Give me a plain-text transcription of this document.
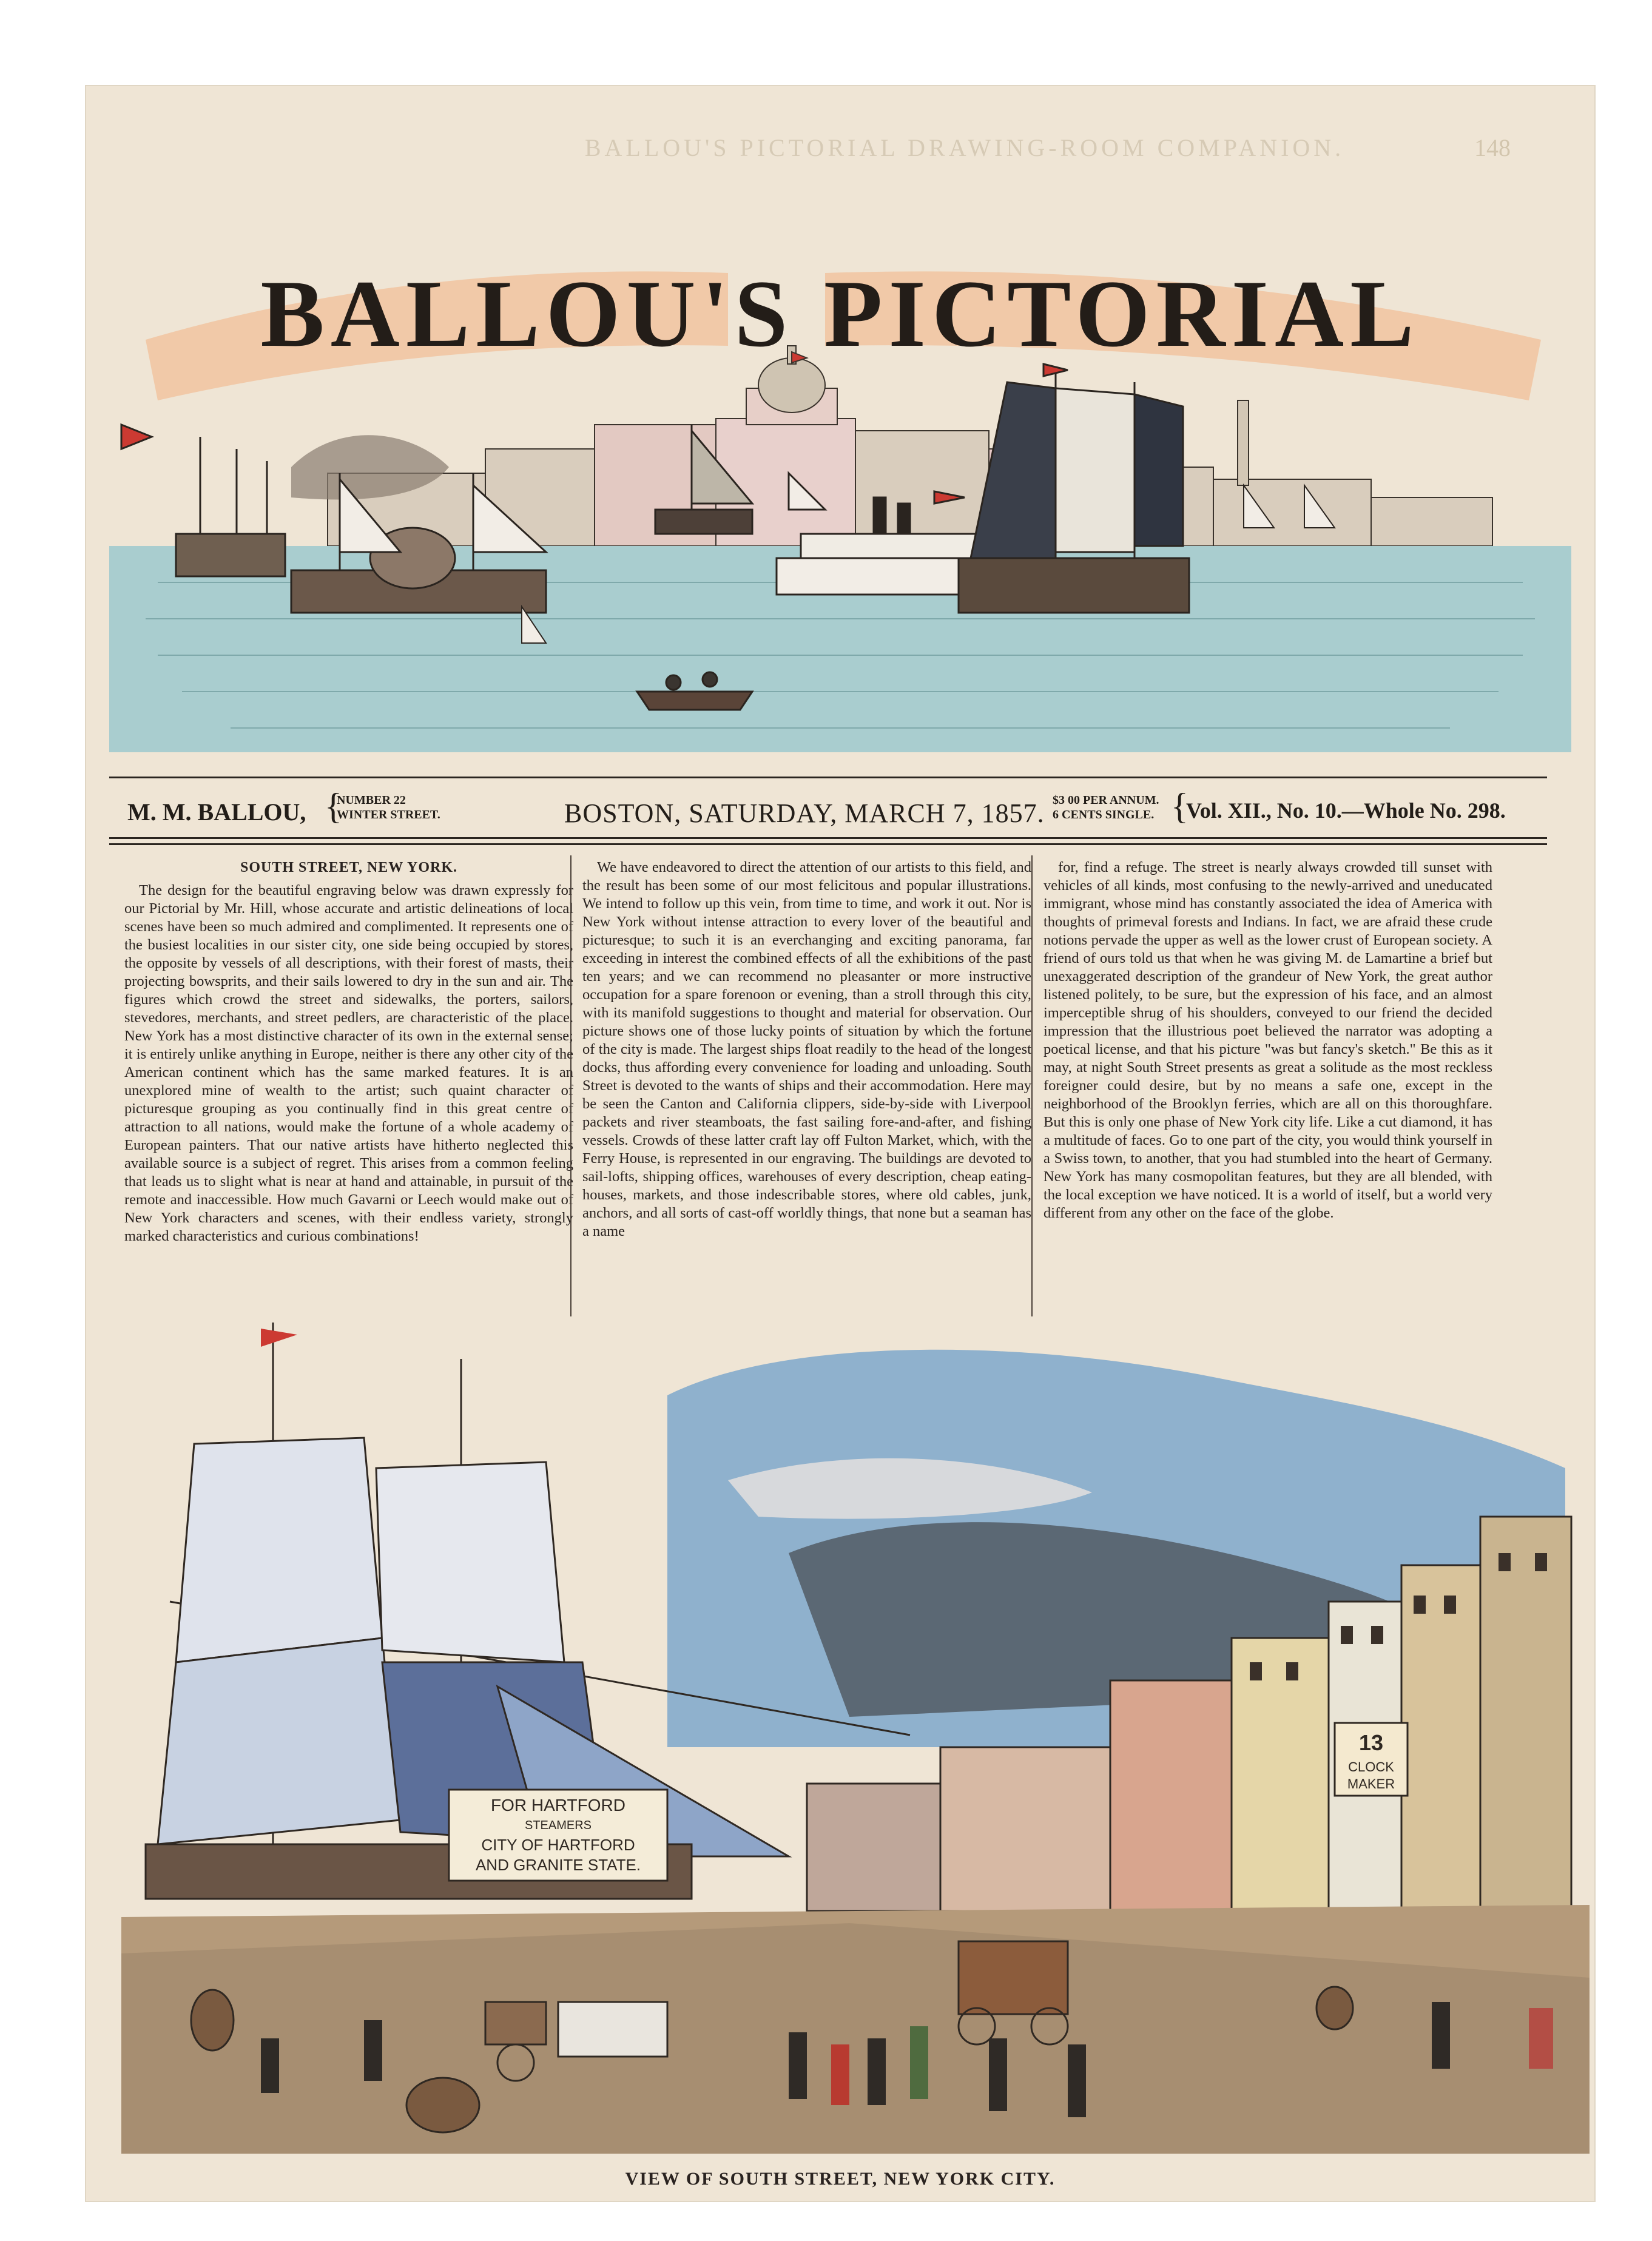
BALLOU'S PICTORIAL DRAWING-ROOM COMPANION.	148
BALLOU'S PICTORIAL
M. M. BALLOU, {
NUMBER 22
WINTER STREET.	BOSTON, SATURDAY, MARCH 7, 1857. $3 00 PER ANNUM.
6 CENTS SINGLE. {
Vol. XII., No. 10.—Whole No. 298.
SOUTH STREET, NEW YORK.

The design for the beautiful engraving below was drawn expressly for our Pictorial by Mr. Hill, whose accurate and artistic delineations of local scenes have been so much admired and complimented. It represents one of the busiest localities in our sister city, one side being occupied by stores, the opposite by vessels of all descriptions, with their forest of masts, their projecting bowsprits, and their sails lowered to dry in the sun and air. The figures which crowd the street and sidewalks, the porters, sailors, stevedores, merchants, and street pedlers, are characteristic of the place. New York has a most distinctive character of its own in the external sense; it is entirely unlike anything in Europe, neither is there any other city of the American continent which has the same marked features. It is an unexplored mine of wealth to the artist; such quaint character of picturesque grouping as you continually find in this great centre of attraction to all nations, would make the fortune of a whole academy of European painters. That our native artists have hitherto neglected this available source is a subject of regret. This arises from a common feeling that leads us to slight what is near at hand and attainable, in pursuit of the remote and inaccessible. How much Gavarni or Leech would make out of New York characters and scenes, with their endless variety, strongly marked characteristics and curious combinations!

We have endeavored to direct the attention of our artists to this field, and the result has been some of our most felicitous and popular illustrations. We intend to follow up this vein, from time to time, and work it out. Nor is New York without intense attraction to every lover of the beautiful and picturesque; to such it is an everchanging and exciting panorama, far exceeding in interest the combined effects of all the exhibitions of the past ten years; and we can recommend no pleasanter or more instructive occupation for a spare forenoon or evening, than a stroll through this city, with its manifold suggestions to thought and material for observation. Our picture shows one of those lucky points of situation by which the fortune of the city is made. The largest ships float readily to the head of the longest docks, thus affording every convenience for loading and unloading. South Street is devoted to the wants of ships and their accommodation. Here may be seen the Canton and California clippers, side-by-side with Liverpool packets and river steamboats, the fast sailing fore-and-after, and fishing vessels. Crowds of these latter craft lay off Fulton Market, which, with the Ferry House, is represented in our engraving. The buildings are devoted to sail-lofts, shipping offices, warehouses of every description, cheap eating-houses, markets, and those indescribable stores, where old cables, junk, anchors, and all sorts of cast-off worldly things, that none but a seaman has a name

for, find a refuge. The street is nearly always crowded till sunset with vehicles of all kinds, most confusing to the newly-arrived and uneducated immigrant, whose mind has constantly associated the idea of America with thoughts of primeval forests and Indians. In fact, we are afraid these crude notions pervade the upper as well as the lower crust of European society. A friend of ours told us that when he was giving M. de Lamartine a brief but unexaggerated description of the grandeur of New York, the great author listened politely, to be sure, but the expression of his face, and an almost imperceptible shrug of his shoulders, conveyed to our friend the decided impression that the illustrious poet believed the narrator was adopting a poetical license, and that his picture "was but fancy's sketch." Be this as it may, at night South Street presents as great a solitude as the most reckless foreigner could desire, but by no means a safe one, except in the neighborhood of the Brooklyn ferries, which are all on this thoroughfare. But this is only one phase of New York city life. Like a cut diamond, it has a multitude of faces. Go to one part of the city, you would think yourself in a Swiss town, to another, that you had stumbled into the heart of Germany. New York has many cosmopolitan features, but they are all blended, with the local exception we have noticed. It is a world of itself, but a world very different from any other on the face of the globe.

13
CLOCK
MAKER
FOR HARTFORD
STEAMERS
CITY OF HARTFORD
AND GRANITE STATE.
VIEW OF SOUTH STREET, NEW YORK CITY.
